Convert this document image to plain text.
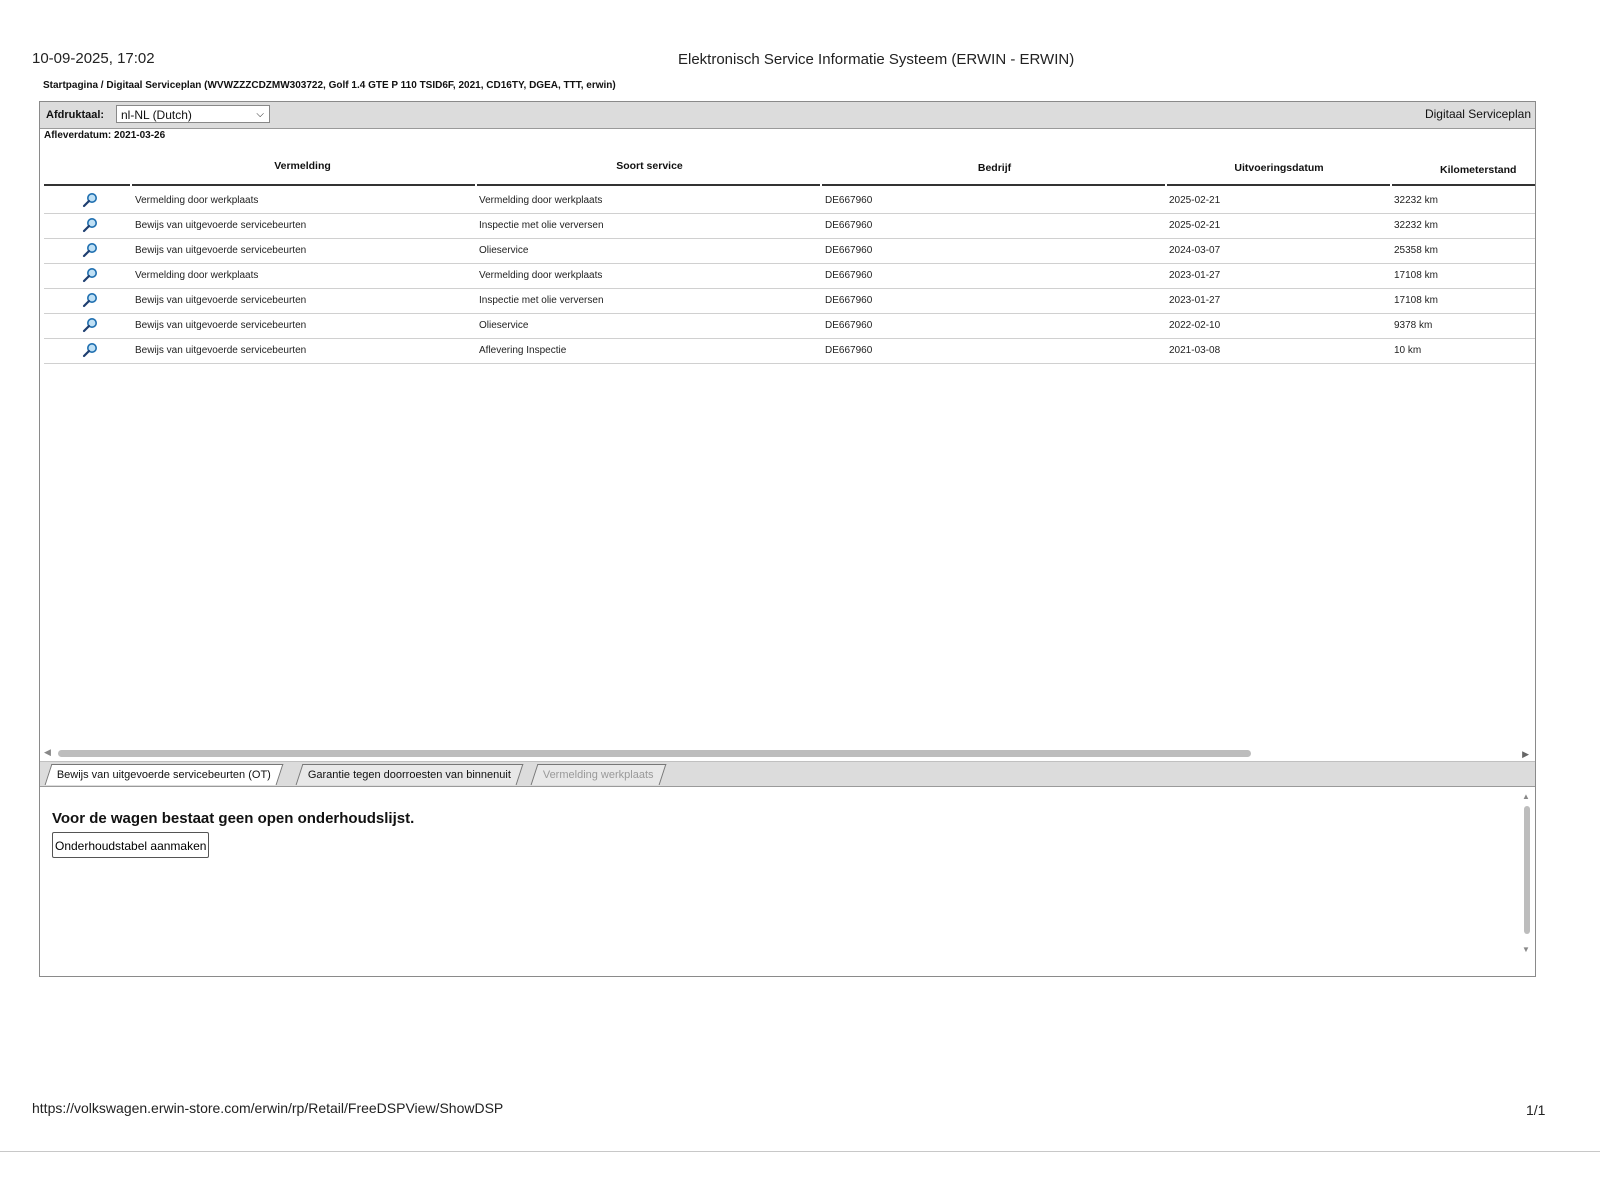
10-09-2025, 17:02	Elektronisch Service Informatie Systeem (ERWIN - ERWIN)
Startpagina / Digitaal Serviceplan (WVWZZZCDZMW303722, Golf 1.4 GTE P 110 TSID6F, 2021, CD16TY, DGEA, TTT, erwin)
Afdruktaal:	nl-NL (Dutch)	⌵	Digitaal Serviceplan
Afleverdatum: 2021-03-26
Vermelding	Soort service	Bedrijf	Uitvoeringsdatum	Kilometerstand
Vermelding door werkplaats	Vermelding door werkplaats	DE667960	2025-02-21	32232 km
Bewijs van uitgevoerde servicebeurten	Inspectie met olie verversen	DE667960	2025-02-21	32232 km
Bewijs van uitgevoerde servicebeurten	Olieservice	DE667960	2024-03-07	25358 km
Vermelding door werkplaats	Vermelding door werkplaats	DE667960	2023-01-27	17108 km
Bewijs van uitgevoerde servicebeurten	Inspectie met olie verversen	DE667960	2023-01-27	17108 km
Bewijs van uitgevoerde servicebeurten	Olieservice	DE667960	2022-02-10	9378 km
Bewijs van uitgevoerde servicebeurten	Aflevering Inspectie	DE667960	2021-03-08	10 km
◀	▶
Bewijs van uitgevoerde servicebeurten (OT)	Garantie tegen doorroesten van binnenuit	Vermelding werkplaats
Voor de wagen bestaat geen open onderhoudslijst.
Onderhoudstabel aanmaken
▲
▼
https://volkswagen.erwin-store.com/erwin/rp/Retail/FreeDSPView/ShowDSP	1/1
